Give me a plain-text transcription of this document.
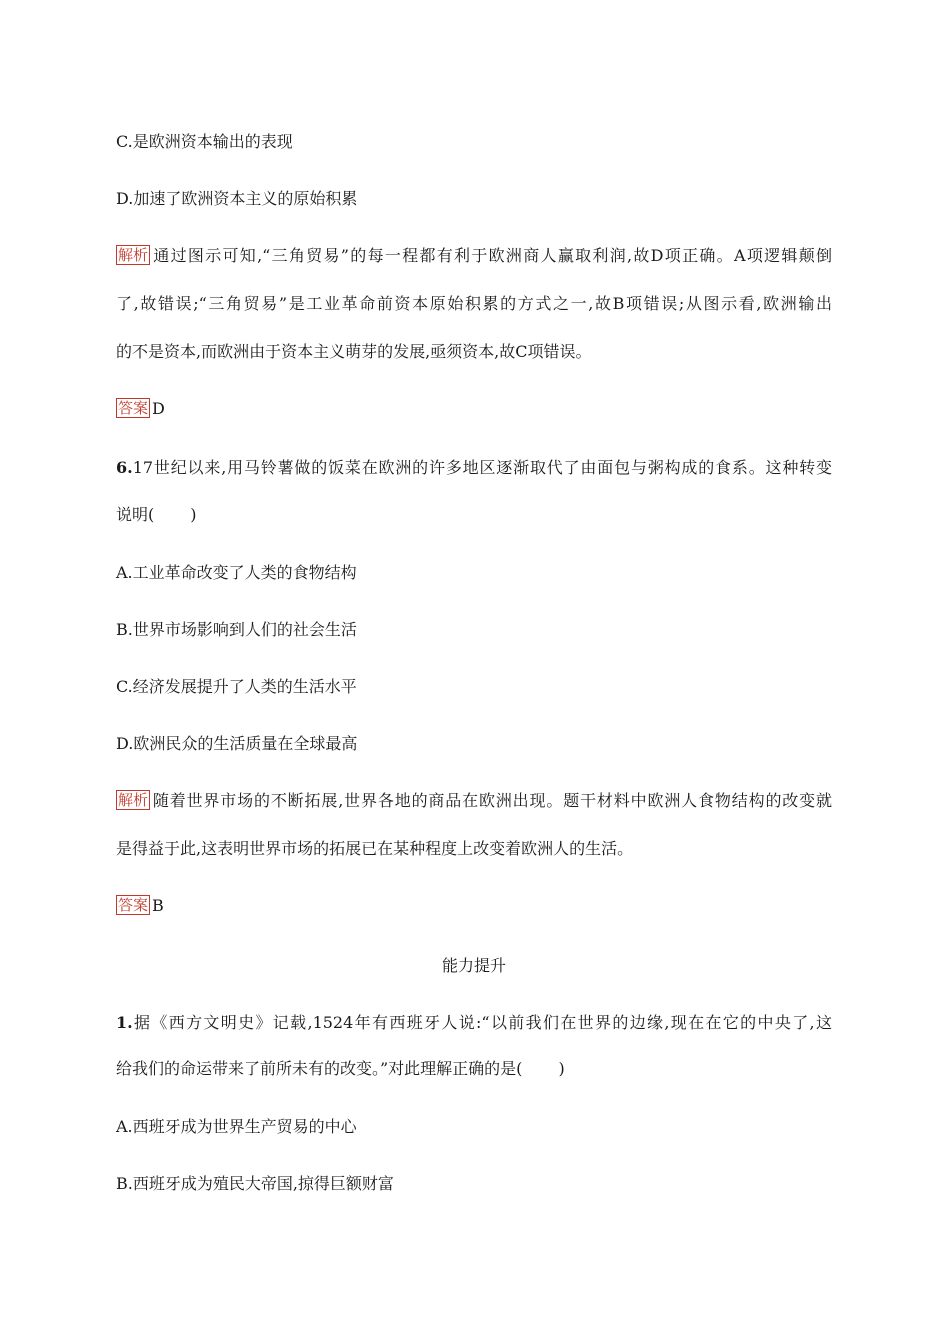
C.是欧洲资本输出的表现
D.加速了欧洲资本主义的原始积累
解析 通过图示可知,“三角贸易”的每一程都有利于欧洲商人赢取利润,故D项正确。A项逻辑颠倒
了,故错误;“三角贸易”是工业革命前资本原始积累的方式之一,故B项错误;从图示看,欧洲输出
的不是资本,而欧洲由于资本主义萌芽的发展,亟须资本,故C项错误。
答案 D
6.17世纪以来,用马铃薯做的饭菜在欧洲的许多地区逐渐取代了由面包与粥构成的食系。这种转变
说明( )
A.工业革命改变了人类的食物结构
B.世界市场影响到人们的社会生活
C.经济发展提升了人类的生活水平
D.欧洲民众的生活质量在全球最高
解析 随着世界市场的不断拓展,世界各地的商品在欧洲出现。题干材料中欧洲人食物结构的改变就
是得益于此,这表明世界市场的拓展已在某种程度上改变着欧洲人的生活。
答案 B
能力提升
1.据《西方文明史》记载,1524年有西班牙人说:“以前我们在世界的边缘,现在在它的中央了,这
给我们的命运带来了前所未有的改变。”对此理解正确的是( )
A.西班牙成为世界生产贸易的中心
B.西班牙成为殖民大帝国,掠得巨额财富
